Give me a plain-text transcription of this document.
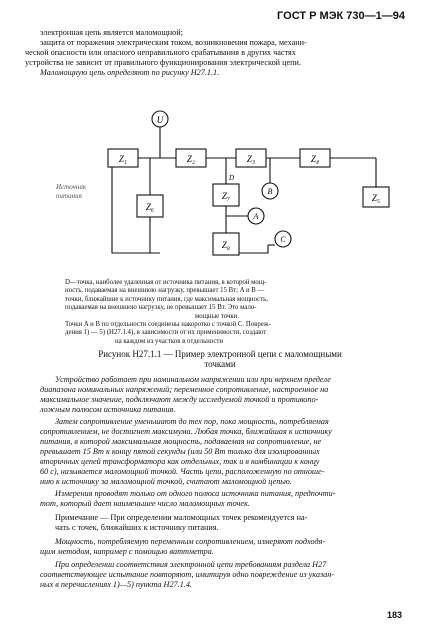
ГОСТ Р МЭК 730—1—94
электронная цепь является маломощной;
защита от поражения электрическим током, возникновения пожара, механи-
ческой опасности или опасного неправильного срабатывания в других частях
устройства не зависит от правильного функционирования электрической цепи.
Маломощную цепь определяют по рисунку Н27.1.1.
U
Z₁	Z₂	Z₃	Z₄
Z₅
Z₆
Z₇
Z₈
A
B
C
D
Источник
питания
D—точка, наиболее удаленная от источника питания, в которой мощ-
ность, подаваемая на внешнюю нагрузку, превышает 15 Вт; A и B —
точки, ближайшие к источнику питания, где максимальная мощность,
подаваемая на внешнюю нагрузку, не превышает 15 Вт. Это мало-
мощные точки.
Точки A и B по отдельности соединены накоротко с точкой C. Повреж-
дения 1) — 5) (Н27.1.4), в зависимости от их применимости, создают
на каждом из участков в отдельности
Рисунок Н27.1.1 — Пример электронной цепи с маломощными
точками
Устройство работает при номинальном напряжении или при верхнем пределе
диапазона номинальных напряжений; переменное сопротивление, настроенное на
максимальное значение, подключают между исследуемой точкой и противопо-
ложным полюсом источника питания.
Затем сопротивление уменьшают до тех пор, пока мощность, потребляемая
сопротивлением, не достигнет максимума. Любая точка, ближайшая к источнику
питания, в которой максимальная мощность, подаваемая на сопротивление, не
превышает 15 Вт к концу пятой секунды (или 50 Вт только для изолированных
вторичных цепей трансформатора как отдельных, так и в комбинации к концу
60 с), называется маломощной точкой. Часть цепи, расположенную по отноше-
нию к источнику за маломощной точкой, считают маломощной цепью.
Измерения проводят только от одного полюса источника питания, предпочти-
тот, который дает наименьшее число маломощных точек.
Примечание — При определении маломощных точек рекомендуется на-
чать с точек, ближайших к источнику питания.
Мощность, потребляемую переменным сопротивлением, измеряют подходя-
щим методом, например с помощью ваттметра.
При определении соответствия электронной цепи требованиям раздела Н27
соответствующее испытание повторяют, имитируя одно повреждение из указан-
ных в перечислениях 1)—5) пункта Н27.1.4.
183
